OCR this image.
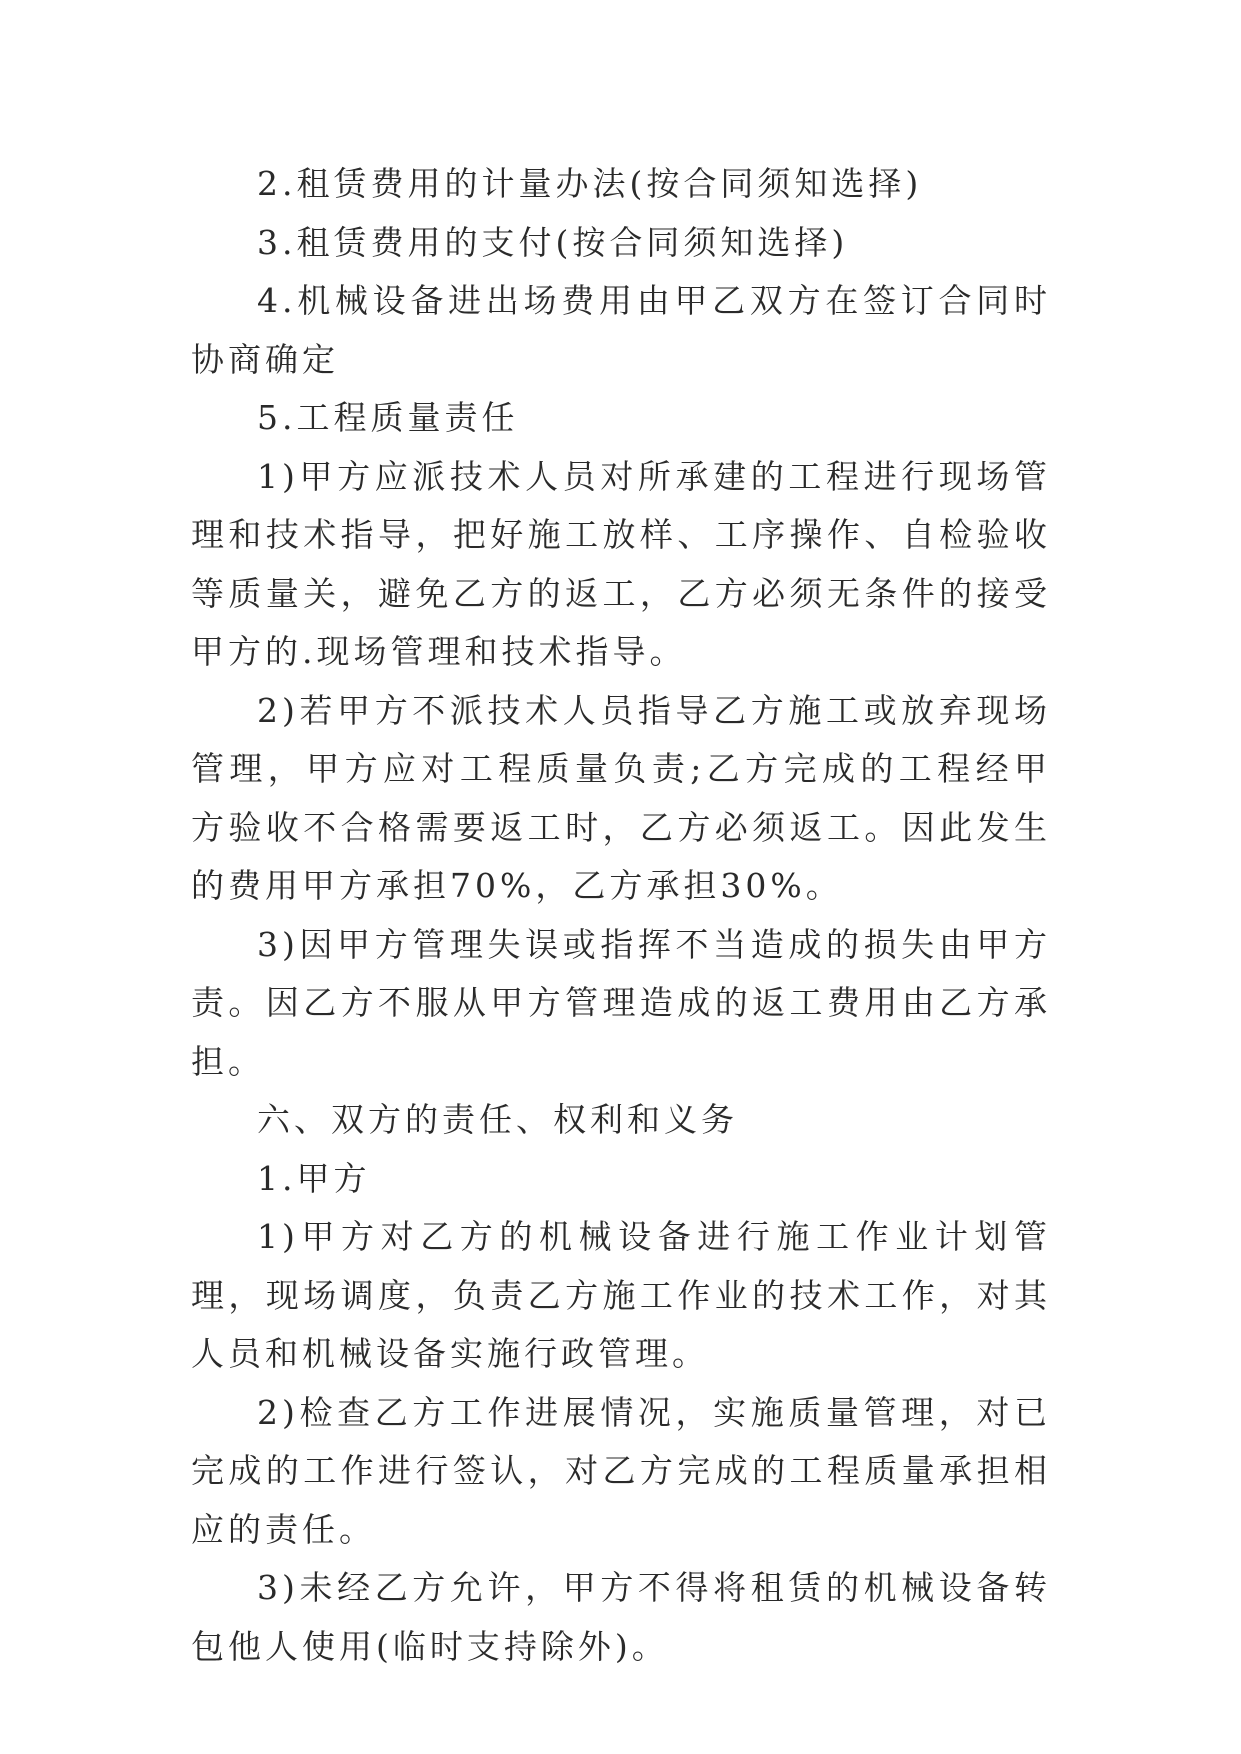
2.租赁费用的计量办法(按合同须知选择)

3.租赁费用的支付(按合同须知选择)

4.机械设备进出场费用由甲乙双方在签订合同时协商确定

5.工程质量责任

1)甲方应派技术人员对所承建的工程进行现场管理和技术指导，把好施工放样、工序操作、自检验收等质量关，避免乙方的返工，乙方必须无条件的接受甲方的.现场管理和技术指导。

2)若甲方不派技术人员指导乙方施工或放弃现场管理，甲方应对工程质量负责;乙方完成的工程经甲方验收不合格需要返工时，乙方必须返工。因此发生的费用甲方承担70%，乙方承担30%。

3)因甲方管理失误或指挥不当造成的损失由甲方责。因乙方不服从甲方管理造成的返工费用由乙方承担。

六、双方的责任、权利和义务

1.甲方

1)甲方对乙方的机械设备进行施工作业计划管理，现场调度，负责乙方施工作业的技术工作，对其人员和机械设备实施行政管理。

2)检查乙方工作进展情况，实施质量管理，对已完成的工作进行签认，对乙方完成的工程质量承担相应的责任。

3)未经乙方允许，甲方不得将租赁的机械设备转包他人使用(临时支持除外)。
